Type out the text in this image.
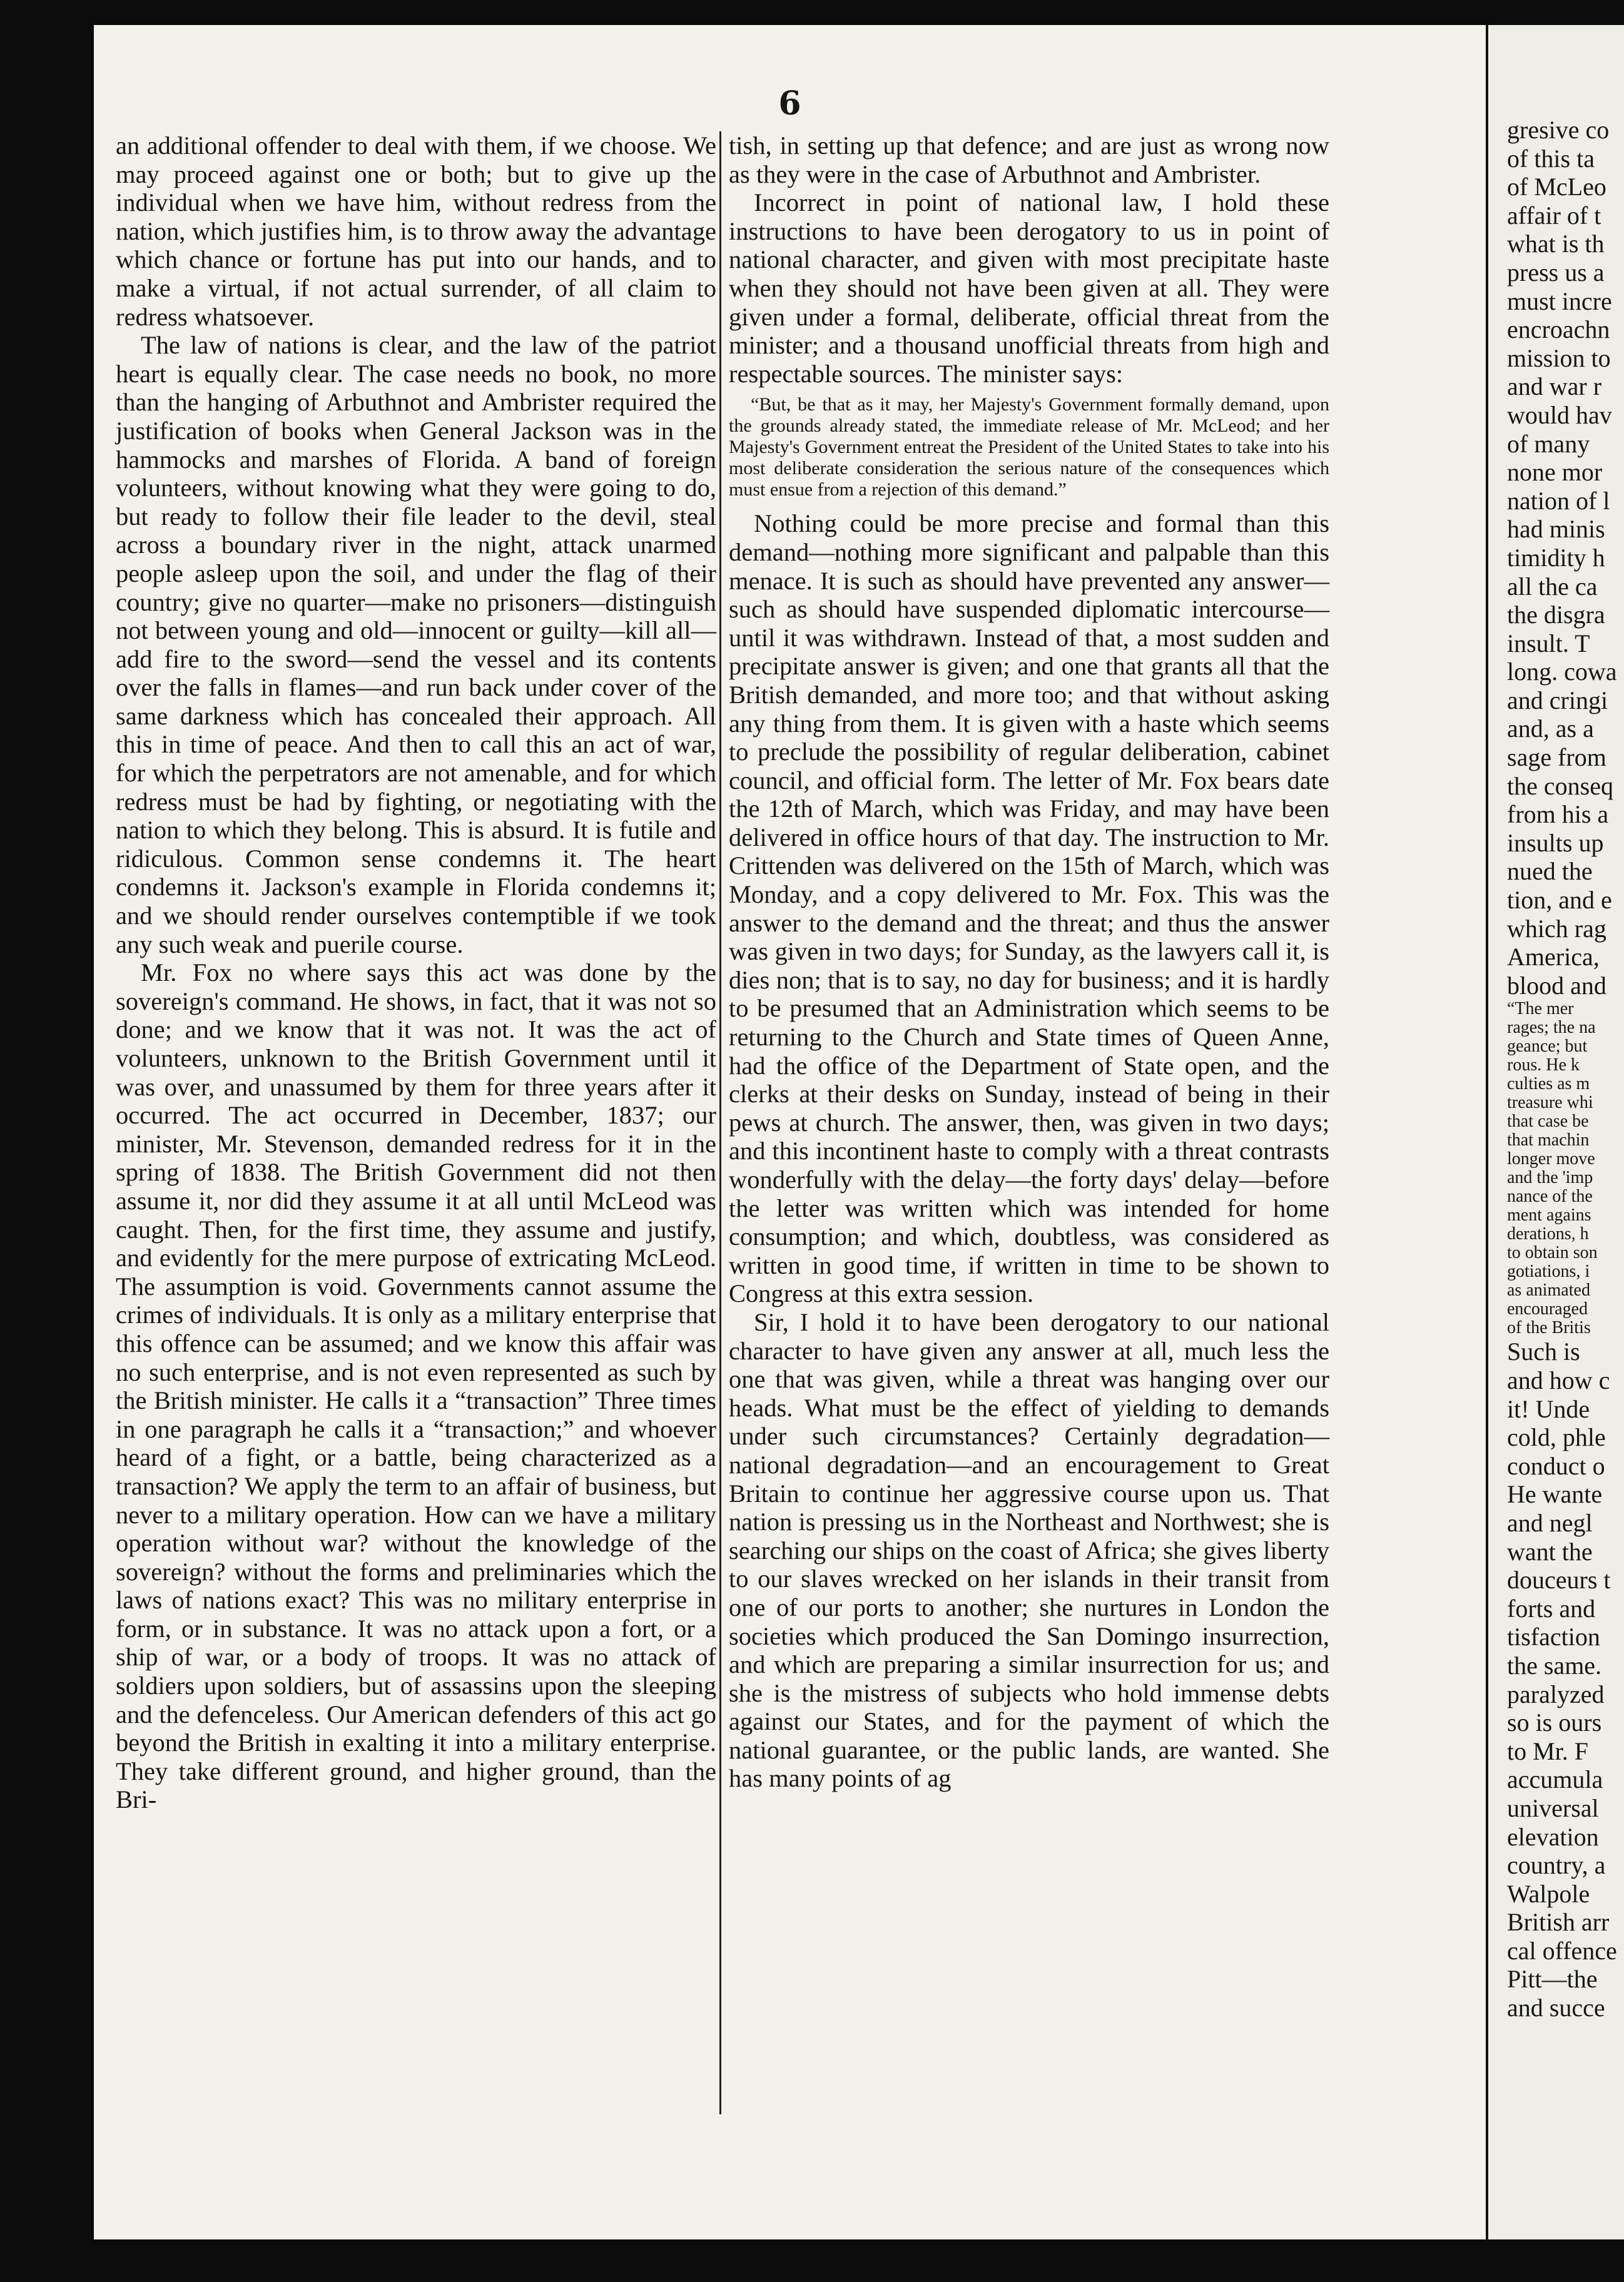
6

an additional offender to deal with them, if we choose. We may proceed against one or both; but to give up the individual when we have him, without redress from the nation, which justifies him, is to throw away the advantage which chance or fortune has put into our hands, and to make a virtual, if not actual surrender, of all claim to redress whatsoever.

The law of nations is clear, and the law of the patriot heart is equally clear. The case needs no book, no more than the hanging of Arbuthnot and Ambrister required the justification of books when General Jackson was in the hammocks and marshes of Florida. A band of foreign volunteers, without knowing what they were going to do, but ready to follow their file leader to the devil, steal across a boundary river in the night, attack unarmed people asleep upon the soil, and under the flag of their country; give no quarter—make no prisoners—distinguish not between young and old—innocent or guilty—kill all—add fire to the sword—send the vessel and its contents over the falls in flames—and run back under cover of the same darkness which has concealed their approach. All this in time of peace. And then to call this an act of war, for which the perpetrators are not amenable, and for which redress must be had by fighting, or negotiating with the nation to which they belong. This is absurd. It is futile and ridiculous. Common sense condemns it. The heart condemns it. Jackson's example in Florida condemns it; and we should render ourselves contemptible if we took any such weak and puerile course.

Mr. Fox no where says this act was done by the sovereign's command. He shows, in fact, that it was not so done; and we know that it was not. It was the act of volunteers, unknown to the British Government until it was over, and unassumed by them for three years after it occurred. The act occurred in December, 1837; our minister, Mr. Stevenson, demanded redress for it in the spring of 1838. The British Government did not then assume it, nor did they assume it at all until McLeod was caught. Then, for the first time, they assume and justify, and evidently for the mere purpose of extricating McLeod. The assumption is void. Governments cannot assume the crimes of individuals. It is only as a military enterprise that this offence can be assumed; and we know this affair was no such enterprise, and is not even represented as such by the British minister. He calls it a “transaction” Three times in one paragraph he calls it a “transaction;” and whoever heard of a fight, or a battle, being characterized as a transaction? We apply the term to an affair of business, but never to a military operation. How can we have a military operation without war? without the knowledge of the sovereign? without the forms and preliminaries which the laws of nations exact? This was no military enterprise in form, or in substance. It was no attack upon a fort, or a ship of war, or a body of troops. It was no attack of soldiers upon soldiers, but of assassins upon the sleeping and the defenceless. Our American defenders of this act go beyond the British in exalting it into a military enterprise. They take different ground, and higher ground, than the Bri-

tish, in setting up that defence; and are just as wrong now as they were in the case of Arbuthnot and Ambrister.

Incorrect in point of national law, I hold these instructions to have been derogatory to us in point of national character, and given with most precipitate haste when they should not have been given at all. They were given under a formal, deliberate, official threat from the minister; and a thousand unofficial threats from high and respectable sources. The minister says:

“But, be that as it may, her Majesty's Government formally demand, upon the grounds already stated, the immediate release of Mr. McLeod; and her Majesty's Government entreat the President of the United States to take into his most deliberate consideration the serious nature of the consequences which must ensue from a rejection of this demand.”

Nothing could be more precise and formal than this demand—nothing more significant and palpable than this menace. It is such as should have prevented any answer—such as should have suspended diplomatic intercourse—until it was withdrawn. Instead of that, a most sudden and precipitate answer is given; and one that grants all that the British demanded, and more too; and that without asking any thing from them. It is given with a haste which seems to preclude the possibility of regular deliberation, cabinet council, and official form. The letter of Mr. Fox bears date the 12th of March, which was Friday, and may have been delivered in office hours of that day. The instruction to Mr. Crittenden was delivered on the 15th of March, which was Monday, and a copy delivered to Mr. Fox. This was the answer to the demand and the threat; and thus the answer was given in two days; for Sunday, as the lawyers call it, is dies non; that is to say, no day for business; and it is hardly to be presumed that an Administration which seems to be returning to the Church and State times of Queen Anne, had the office of the Department of State open, and the clerks at their desks on Sunday, instead of being in their pews at church. The answer, then, was given in two days; and this incontinent haste to comply with a threat contrasts wonderfully with the delay—the forty days' delay—before the letter was written which was intended for home consumption; and which, doubtless, was considered as written in good time, if written in time to be shown to Congress at this extra session.

Sir, I hold it to have been derogatory to our national character to have given any answer at all, much less the one that was given, while a threat was hanging over our heads. What must be the effect of yielding to demands under such circumstances? Certainly degradation—national degradation—and an encouragement to Great Britain to continue her aggressive course upon us. That nation is pressing us in the Northeast and Northwest; she is searching our ships on the coast of Africa; she gives liberty to our slaves wrecked on her islands in their transit from one of our ports to another; she nurtures in London the societies which produced the San Domingo insurrection, and which are preparing a similar insurrection for us; and she is the mistress of subjects who hold immense debts against our States, and for the payment of which the national guarantee, or the public lands, are wanted. She has many points of ag

gresive co
of this ta
of McLeo
affair of t
what is th
press us a
must incre
encroachn
mission to
and war r
would hav
of many
none mor
nation of l
had minis
timidity h
all the ca
the disgra
insult. T
long. cowa
and cringi
and, as a
sage from
the conseq
from his a
insults up
nued the
tion, and e
which rag
America,
blood and
“The mer
rages; the na
geance; but
rous. He k
culties as m
treasure whi
that case be
that machin
longer move
and the 'imp
nance of the
ment agains
derations, h
to obtain son
gotiations, i
as animated
encouraged
of the Britis
Such is
and how c
it! Unde
cold, phle
conduct o
He wante
and negl
want the
douceurs t
forts and
tisfaction
the same.
paralyzed
so is ours
to Mr. F
accumula
universal
elevation
country, a
Walpole
British arr
cal offence
Pitt—the
and succe
